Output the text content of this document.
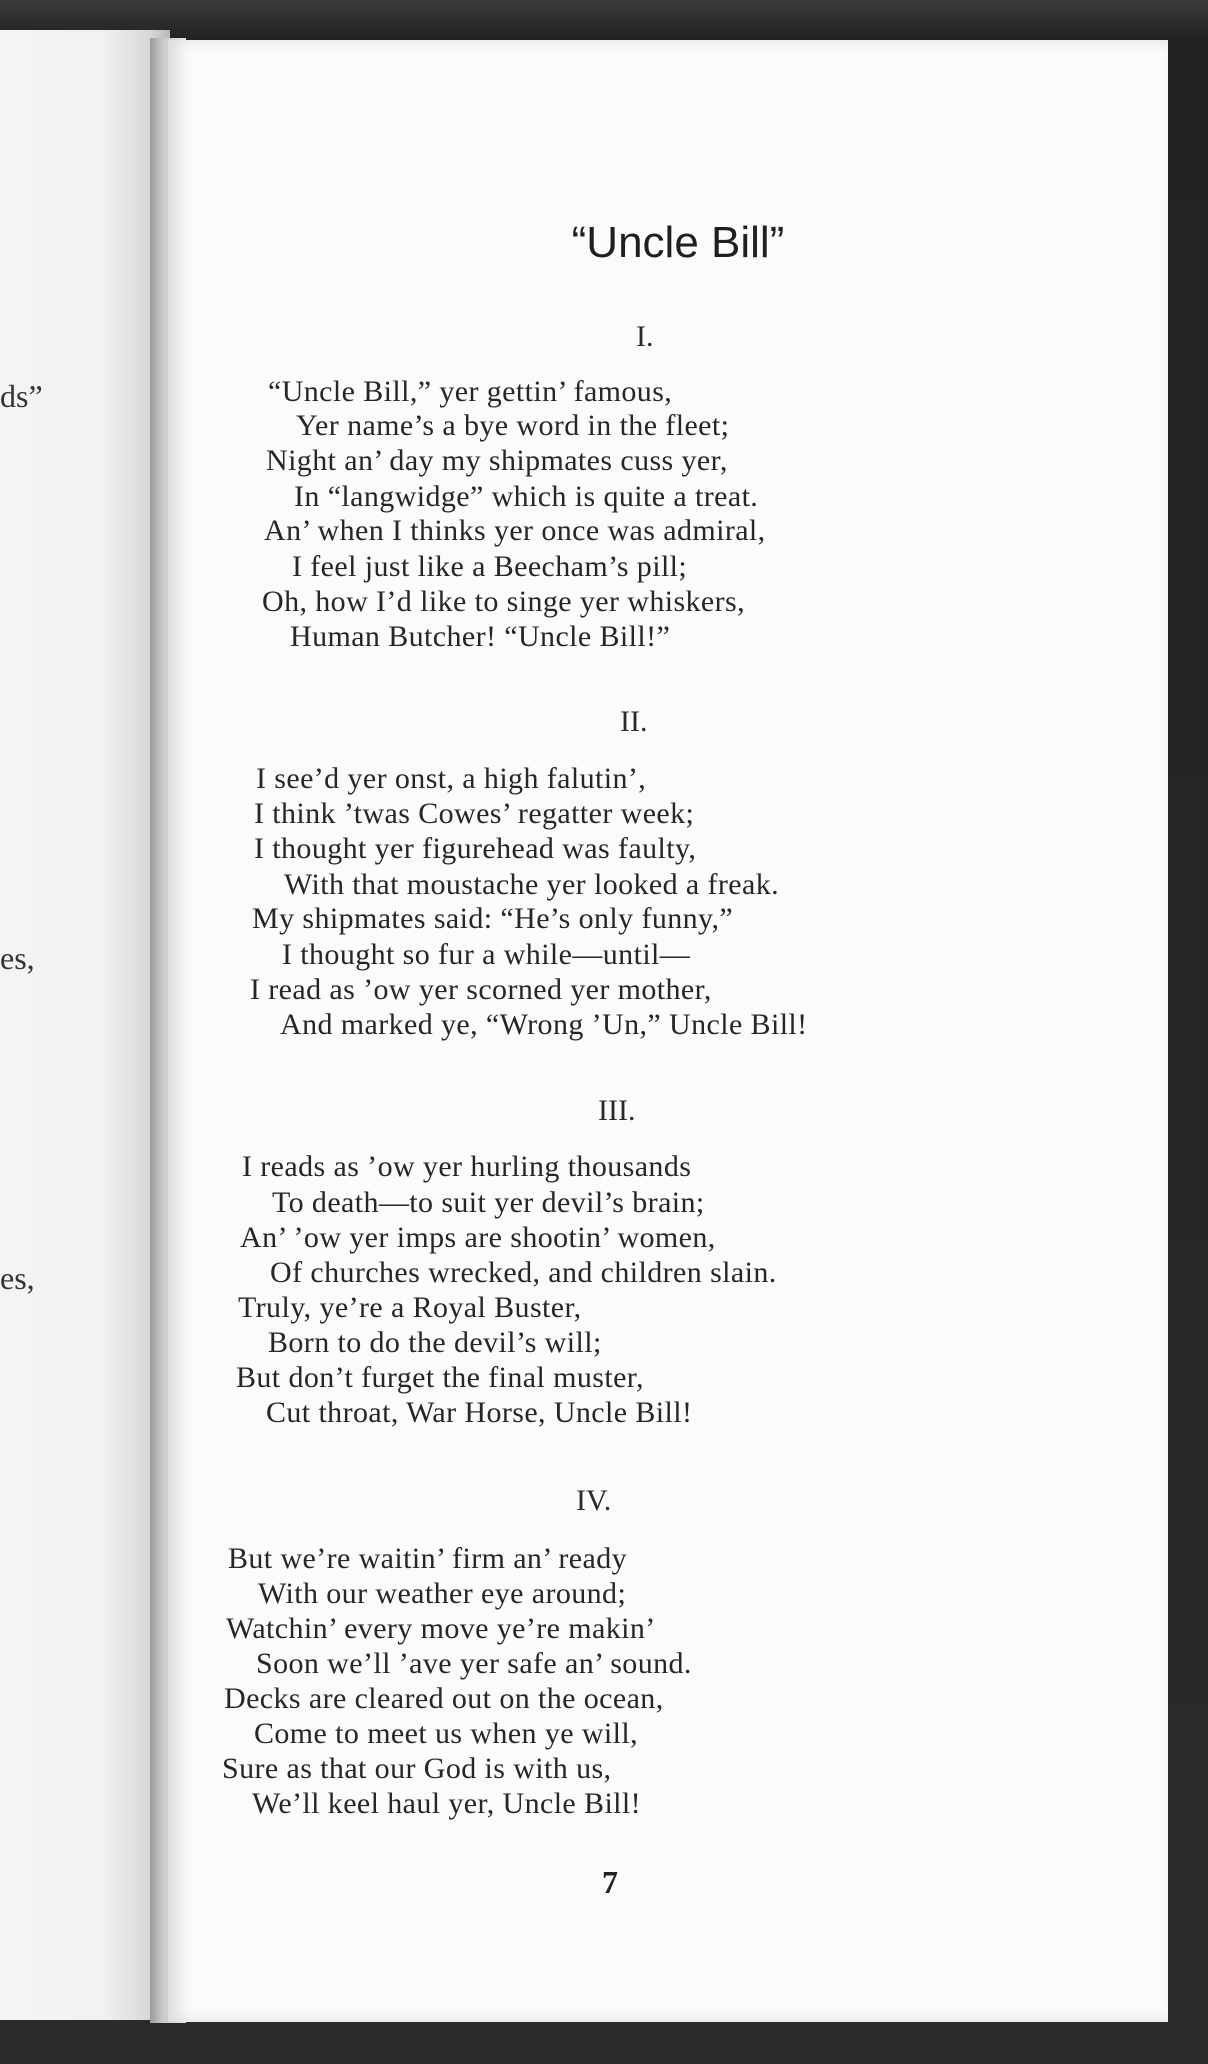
ds”
es,
es,
“Uncle Bill”
I.
“Uncle Bill,” yer gettin’ famous,
Yer name’s a bye word in the fleet;
Night an’ day my shipmates cuss yer,
In “langwidge” which is quite a treat.
An’ when I thinks yer once was admiral,
I feel just like a Beecham’s pill;
Oh, how I’d like to singe yer whiskers,
Human Butcher! “Uncle Bill!”
II.
I see’d yer onst, a high falutin’,
I think ’twas Cowes’ regatter week;
I thought yer figurehead was faulty,
With that moustache yer looked a freak.
My shipmates said: “He’s only funny,”
I thought so fur a while—until—
I read as ’ow yer scorned yer mother,
And marked ye, “Wrong ’Un,” Uncle Bill!
III.
I reads as ’ow yer hurling thousands
To death—to suit yer devil’s brain;
An’ ’ow yer imps are shootin’ women,
Of churches wrecked, and children slain.
Truly, ye’re a Royal Buster,
Born to do the devil’s will;
But don’t furget the final muster,
Cut throat, War Horse, Uncle Bill!
IV.
But we’re waitin’ firm an’ ready
With our weather eye around;
Watchin’ every move ye’re makin’
Soon we’ll ’ave yer safe an’ sound.
Decks are cleared out on the ocean,
Come to meet us when ye will,
Sure as that our God is with us,
We’ll keel haul yer, Uncle Bill!
7
